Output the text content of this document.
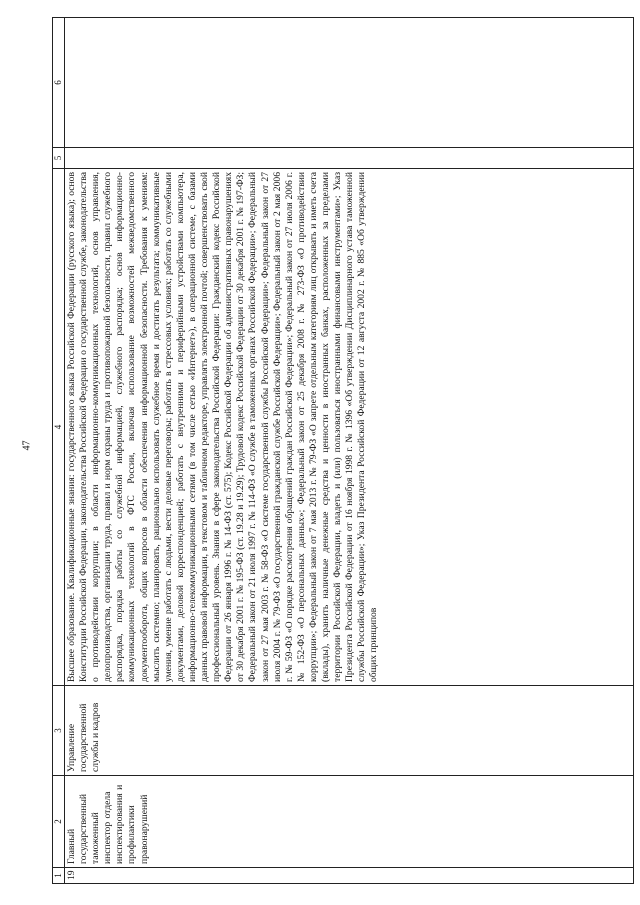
47
1	2	3	4	5	6
19	Главный государственный таможенный инспектор отдела инспектирования и профилактики правонарушений	Управление государственной службы и кадров	Высшее образование. Квалификационные знания: государственного языка Российской Федерации (русского языка); основ Конституции Российской Федерации, законодательства Российской Федерации о государственной службе, законодательства о противодействии коррупции; в области информационно-коммуникационных технологий, основ управления, делопроизводства, организации труда, правил и норм охраны труда и противопожарной безопасности, правил служебного распорядка, порядка работы со служебной информацией, служебного распорядка; основ информационно-коммуникационных технологий в ФТС России, включая использование возможностей межведомственного документооборота, общих вопросов в области обеспечения информационной безопасности. Требования к умениям: мыслить системно; планировать, рационально использовать служебное время и достигать результата; коммуникативные умения, умение работать с людьми, вести деловые переговоры; работать в стрессовых условиях; работать со служебными документами, деловой корреспонденцией; работать с внутренними и периферийными устройствами компьютера, информационно-телекоммуникационными сетями (в том числе сетью «Интернет»), в операционной системе, с базами данных правовой информации, в текстовом и табличном редакторе, управлять электронной почтой; совершенствовать свой профессиональный уровень. Знания в сфере законодательства Российской Федерации: Гражданский кодекс Российской Федерации от 26 января 1996 г. № 14-ФЗ (ст. 575); Кодекс Российской Федерации об административных правонарушениях от 30 декабря 2001 г. № 195-ФЗ (ст. 19.28 и 19.29); Трудовой кодекс Российской Федерации от 30 декабря 2001 г. № 197-ФЗ; Федеральный закон от 21 июля 1997 г. № 114-ФЗ «О службе в таможенных органах Российской Федерации»; Федеральный закон от 27 мая 2003 г. № 58-ФЗ «О системе государственной службы Российской Федерации»; Федеральный закон от 27 июля 2004 г. № 79-ФЗ «О государственной гражданской службе Российской Федерации»; Федеральный закон от 2 мая 2006 г. № 59-ФЗ «О порядке рассмотрения обращений граждан Российской Федерации»; Федеральный закон от 27 июля 2006 г. № 152-ФЗ «О персональных данных»; Федеральный закон от 25 декабря 2008 г. № 273-ФЗ «О противодействии коррупции»; Федеральный закон от 7 мая 2013 г. № 79-ФЗ «О запрете отдельным категориям лиц открывать и иметь счета (вклады), хранить наличные денежные средства и ценности в иностранных банках, расположенных за пределами территории Российской Федерации, владеть и (или) пользоваться иностранными финансовыми инструментами»; Указ Президента Российской Федерации от 16 ноября 1998 г. № 1396 «Об утверждении Дисциплинарного устава таможенной службы Российской Федерации»; Указ Президента Российской Федерации от 12 августа 2002 г. № 885 «Об утверждении общих принципов		
